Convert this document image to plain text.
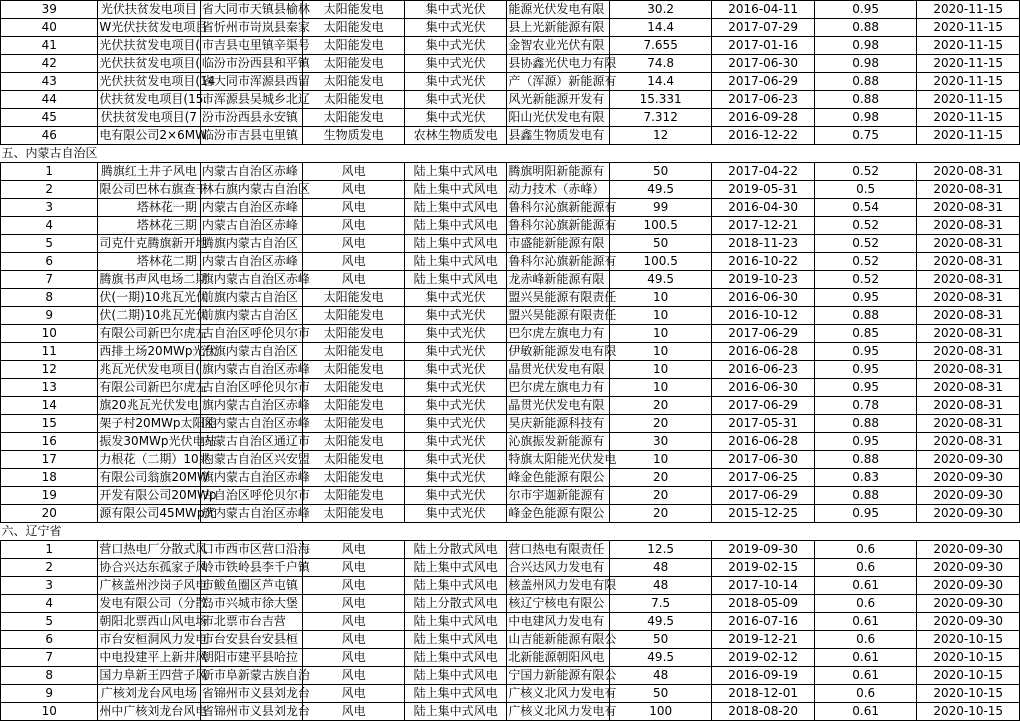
39	光伏扶贫发电项目	省大同市天镇县榆林	太阳能发电	集中式光伏	能源光伏发电有限	30.2	2016-04-11	0.95	2020-11-15
40	W光伏扶贫发电项目	省忻州市岢岚县秦家	太阳能发电	集中式光伏	县上光新能源有限	14.4	2017-07-29	0.88	2020-11-15
41	光伏扶贫发电项目(	市吉县屯里镇辛渠号	太阳能发电	集中式光伏	金智农业光伏有限	7.655	2017-01-16	0.98	2020-11-15
42	光伏扶贫发电项目(	临汾市汾西县和平镇	太阳能发电	集中式光伏	县协鑫光伏电力有限	74.8	2017-06-30	0.98	2020-11-15
43	光伏扶贫发电项目(14	省大同市浑源县西留	太阳能发电	集中式光伏	产（浑源）新能源有	14.4	2017-06-29	0.88	2020-11-15
44	伏扶贫发电项目(15.	市浑源县吴城乡北辽	太阳能发电	集中式光伏	风光新能源开发有	15.331	2017-06-23	0.88	2020-11-15
45	伏扶贫发电项目(7	汾市汾西县永安镇	太阳能发电	集中式光伏	阳山光伏发电有限	7.312	2016-09-28	0.98	2020-11-15
46	电有限公司2×6MW	临汾市吉县屯里镇	生物质发电	农林生物质发电	县鑫生物质发电有	12	2016-12-22	0.75	2020-11-15
五、内蒙古自治区									
1	腾旗红土井子风电	内蒙古自治区赤峰	风电	陆上集中式风电	腾旗明阳新能源有	50	2017-04-22	0.52	2020-08-31
2	限公司巴林右旗查干	林右旗内蒙古自治区	风电	陆上集中式风电	动力技术（赤峰）	49.5	2019-05-31	0.5	2020-08-31
3	塔林花一期	内蒙古自治区赤峰	风电	陆上集中式风电	鲁科尔沁旗新能源有	99	2016-04-30	0.54	2020-08-31
4	塔林花三期	内蒙古自治区赤峰	风电	陆上集中式风电	鲁科尔沁旗新能源有	100.5	2017-12-21	0.52	2020-08-31
5	司克什克腾旗新开地	腾旗内蒙古自治区	风电	陆上集中式风电	市盛能新能源有限	50	2018-11-23	0.52	2020-08-31
6	塔林花二期	内蒙古自治区赤峰	风电	陆上集中式风电	鲁科尔沁旗新能源有	100.5	2016-10-22	0.52	2020-08-31
7	腾旗书声风电场二期	旗内蒙古自治区赤峰	风电	陆上集中式风电	龙赤峰新能源有限	49.5	2019-10-23	0.52	2020-08-31
8	伏(一期)10兆瓦光伏	前旗内蒙古自治区	太阳能发电	集中式光伏	盟兴昊能源有限责任	10	2016-06-30	0.95	2020-08-31
9	伏(二期)10兆瓦光伏	前旗内蒙古自治区	太阳能发电	集中式光伏	盟兴昊能源有限责任	10	2016-10-12	0.88	2020-08-31
10	有限公司新巴尔虎左	古自治区呼伦贝尔市	太阳能发电	集中式光伏	巴尔虎左旗电力有	10	2017-06-29	0.85	2020-08-31
11	西排土场20MWp光伏	治旗内蒙古自治区	太阳能发电	集中式光伏	伊敏新能源发电有限	10	2016-06-28	0.95	2020-08-31
12	兆瓦光伏发电项目(	旗内蒙古自治区赤峰	太阳能发电	集中式光伏	晶贯光伏发电有限	10	2016-06-23	0.95	2020-08-31
13	有限公司新巴尔虎左	古自治区呼伦贝尔市	太阳能发电	集中式光伏	巴尔虎左旗电力有	10	2016-06-30	0.95	2020-08-31
14	旗20兆瓦光伏发电	旗内蒙古自治区赤峰	太阳能发电	集中式光伏	晶贯光伏发电有限	20	2017-06-29	0.78	2020-08-31
15	架子村20MWp太阳能	区内蒙古自治区赤峰	太阳能发电	集中式光伏	昊庆新能源科技有	20	2017-05-31	0.88	2020-08-31
16	振发30MWp光伏电站	内蒙古自治区通辽市	太阳能发电	集中式光伏	沁旗振发新能源有	30	2016-06-28	0.95	2020-08-31
17	力根花（二期）10兆	内蒙古自治区兴安盟	太阳能发电	集中式光伏	特旗太阳能光伏发电	10	2017-06-30	0.88	2020-09-30
18	有限公司翁旗20MW	旗内蒙古自治区赤峰	太阳能发电	集中式光伏	峰金色能源有限公	20	2017-06-25	0.83	2020-09-30
19	开发有限公司20MWp	古自治区呼伦贝尔市	太阳能发电	集中式光伏	尔市宇迦新能源有	20	2017-06-29	0.88	2020-09-30
20	源有限公司45MWp光	旗内蒙古自治区赤峰	太阳能发电	集中式光伏	峰金色能源有限公	20	2015-12-25	0.95	2020-09-30
六、辽宁省									
1	营口热电厂分散式风	口市西市区营口沿海	风电	陆上分散式风电	营口热电有限责任	12.5	2019-09-30	0.6	2020-09-30
2	协合兴达东孤家子风	岭市铁岭县李千户镇	风电	陆上集中式风电	合兴达风力发电有	48	2019-02-15	0.6	2020-09-30
3	广核盖州沙岗子风电	市鲅鱼圈区芦屯镇	风电	陆上集中式风电	核盖州风力发电有限	48	2017-10-14	0.61	2020-09-30
4	发电有限公司（分散	岛市兴城市徐大堡	风电	陆上分散式风电	核辽宁核电有限公	7.5	2018-05-09	0.6	2020-09-30
5	朝阳北票西山风电场	市北票市台吉营	风电	陆上集中式风电	中电建风力发电有	49.5	2016-07-16	0.61	2020-09-30
6	市台安桓洞风力发电	市台安县台安县桓	风电	陆上集中式风电	山吉能新能源有限公	50	2019-12-21	0.6	2020-10-15
7	中电投建平上新井风	朝阳市建平县哈拉	风电	陆上集中式风电	北新能源朝阳风电	49.5	2019-02-12	0.61	2020-10-15
8	国力阜新王四营子风	新市阜新蒙古族自治	风电	陆上集中式风电	宁国力新能源有限公	48	2016-09-19	0.61	2020-10-15
9	广核刘龙台风电场	省锦州市义县刘龙台	风电	陆上集中式风电	广核义北风力发电有	50	2018-12-01	0.6	2020-10-15
10	州中广核刘龙台风电	省锦州市义县刘龙台	风电	陆上集中式风电	广核义北风力发电有	100	2018-08-20	0.61	2020-10-15
